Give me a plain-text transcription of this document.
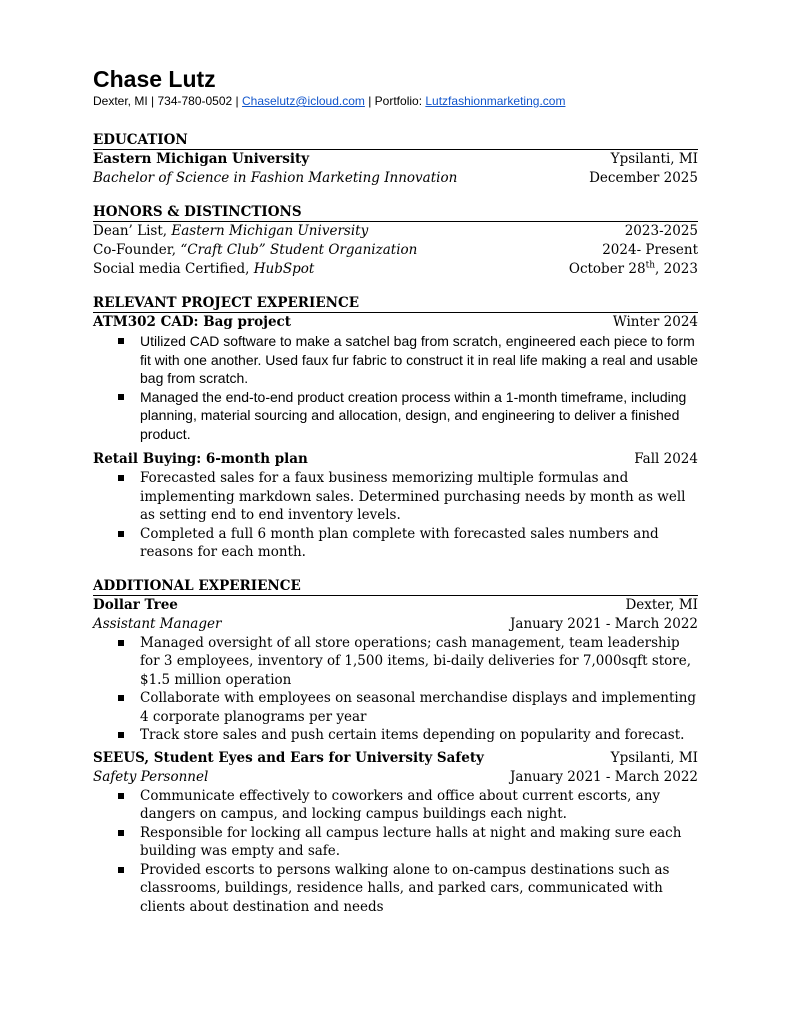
Chase Lutz
Dexter, MI | 734-780-0502 | Chaselutz@icloud.com | Portfolio: Lutzfashionmarketing.com
EDUCATION
Eastern Michigan University	Ypsilanti, MI
Bachelor of Science in Fashion Marketing Innovation	December 2025
HONORS & DISTINCTIONS
Dean’ List, Eastern Michigan University	2023-2025
Co-Founder, “Craft Club” Student Organization	2024- Present
Social media Certified, HubSpot	October 28th, 2023
RELEVANT PROJECT EXPERIENCE
ATM302 CAD: Bag project	Winter 2024
Utilized CAD software to make a satchel bag from scratch, engineered each piece to form fit with one another. Used faux fur fabric to construct it in real life making a real and usable bag from scratch.
Managed the end-to-end product creation process within a 1-month timeframe, including planning, material sourcing and allocation, design, and engineering to deliver a finished product.
Retail Buying: 6-month plan	Fall 2024
Forecasted sales for a faux business memorizing multiple formulas and implementing markdown sales. Determined purchasing needs by month as well as setting end to end inventory levels.
Completed a full 6 month plan complete with forecasted sales numbers and reasons for each month.
ADDITIONAL EXPERIENCE
Dollar Tree	Dexter, MI
Assistant Manager	January 2021 - March 2022
Managed oversight of all store operations; cash management, team leadership for 3 employees, inventory of 1,500 items, bi-daily deliveries for 7,000sqft store, $1.5 million operation
Collaborate with employees on seasonal merchandise displays and implementing 4 corporate planograms per year
Track store sales and push certain items depending on popularity and forecast.
SEEUS, Student Eyes and Ears for University Safety	Ypsilanti, MI
Safety Personnel	January 2021 - March 2022
Communicate effectively to coworkers and office about current escorts, any dangers on campus, and locking campus buildings each night.
Responsible for locking all campus lecture halls at night and making sure each building was empty and safe.
Provided escorts to persons walking alone to on-campus destinations such as classrooms, buildings, residence halls, and parked cars, communicated with clients about destination and needs
